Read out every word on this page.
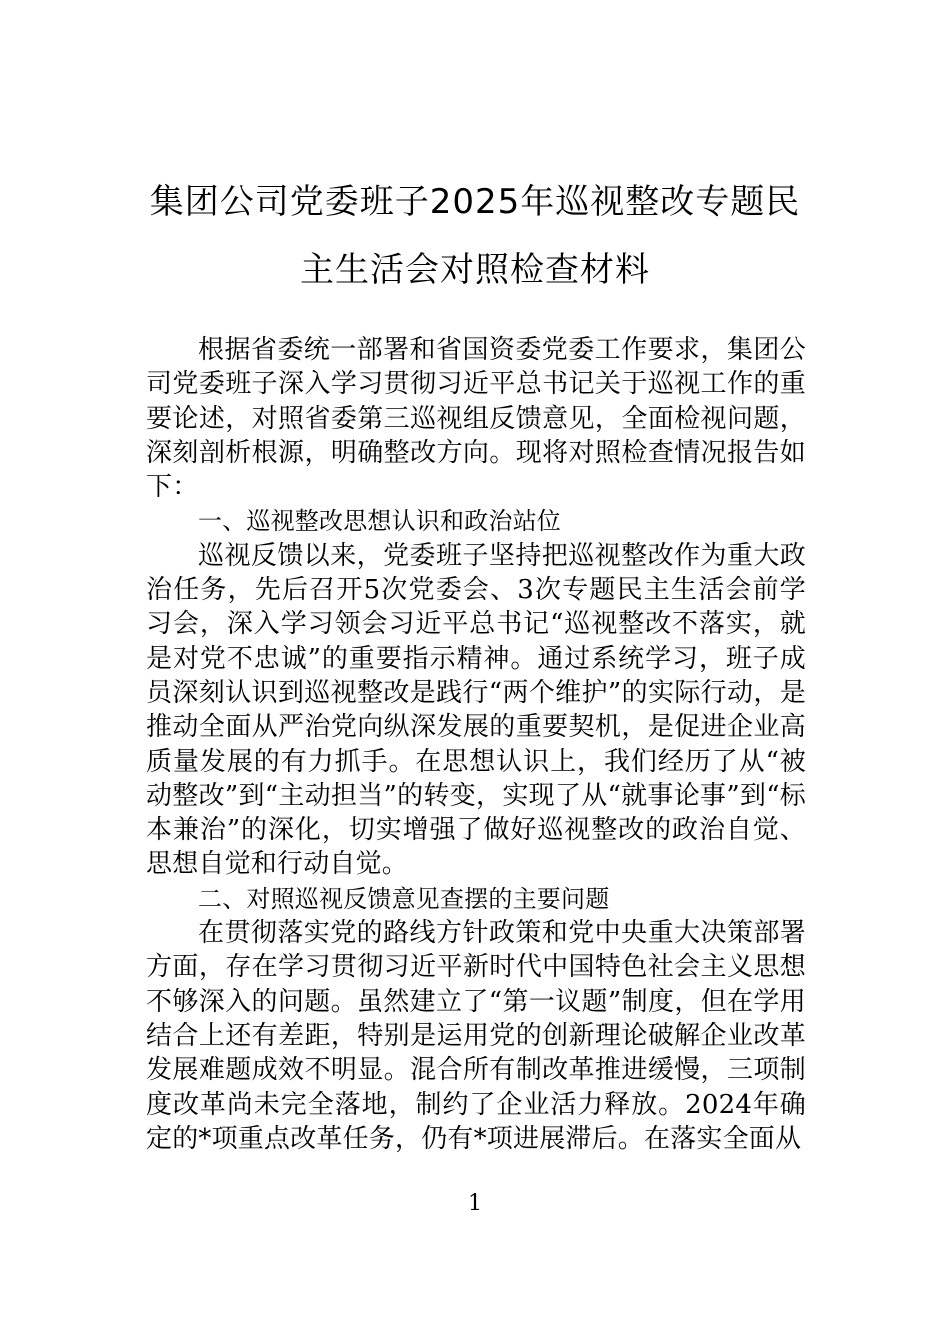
集团公司党委班子2025年巡视整改专题民
主生活会对照检查材料

根据省委统一部署和省国资委党委工作要求，集团公司党委班子深入学习贯彻习近平总书记关于巡视工作的重要论述，对照省委第三巡视组反馈意见，全面检视问题，深刻剖析根源，明确整改方向。现将对照检查情况报告如下：

一、巡视整改思想认识和政治站位

巡视反馈以来，党委班子坚持把巡视整改作为重大政治任务，先后召开5次党委会、3次专题民主生活会前学习会，深入学习领会习近平总书记“巡视整改不落实，就是对党不忠诚”的重要指示精神。通过系统学习，班子成员深刻认识到巡视整改是践行“两个维护”的实际行动，是推动全面从严治党向纵深发展的重要契机，是促进企业高质量发展的有力抓手。在思想认识上，我们经历了从“被动整改”到“主动担当”的转变，实现了从“就事论事”到“标本兼治”的深化，切实增强了做好巡视整改的政治自觉、思想自觉和行动自觉。

二、对照巡视反馈意见查摆的主要问题

在贯彻落实党的路线方针政策和党中央重大决策部署方面，存在学习贯彻习近平新时代中国特色社会主义思想不够深入的问题。虽然建立了“第一议题”制度，但在学用结合上还有差距，特别是运用党的创新理论破解企业改革发展难题成效不明显。混合所有制改革推进缓慢，三项制度改革尚未完全落地，制约了企业活力释放。2024年确定的*项重点改革任务，仍有*项进展滞后。在落实全面从

1
